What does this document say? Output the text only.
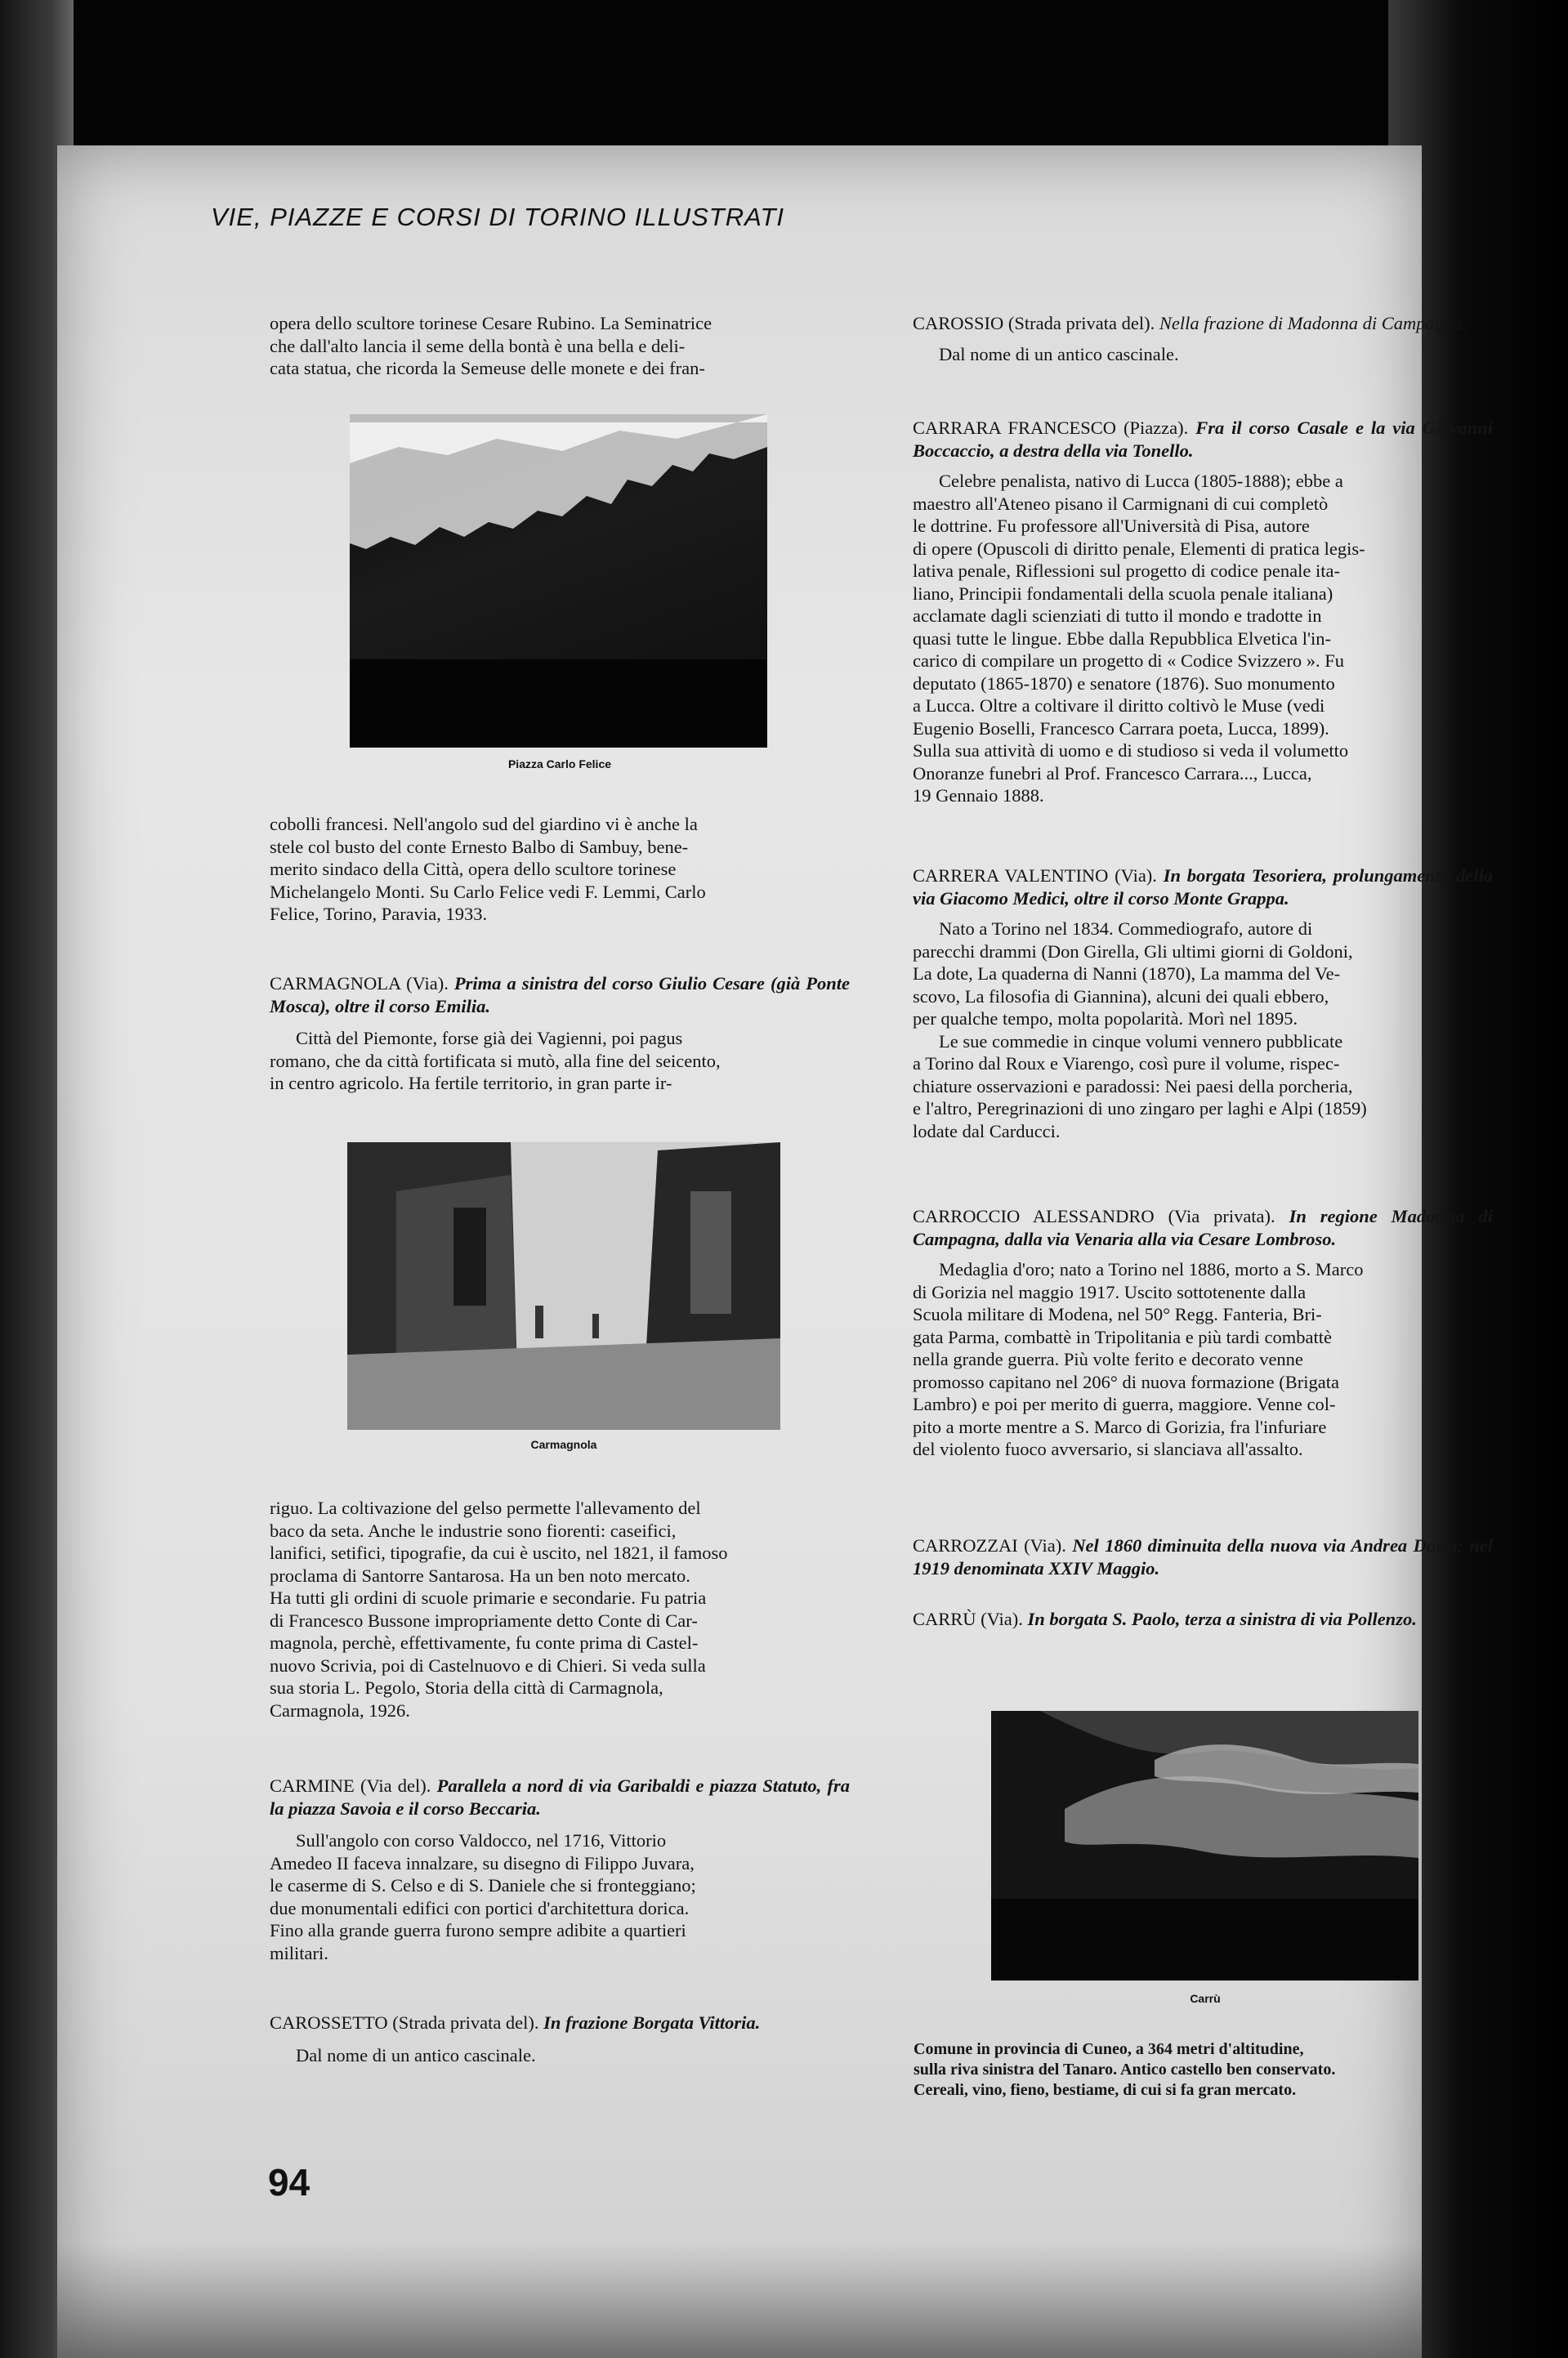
VIE, PIAZZE E CORSI DI TORINO ILLUSTRATI

opera dello scultore torinese Cesare Rubino. La Seminatrice

che dall'alto lancia il seme della bontà è una bella e deli-

cata statua, che ricorda la Semeuse delle monete e dei fran-

Piazza Carlo Felice

cobolli francesi. Nell'angolo sud del giardino vi è anche la

stele col busto del conte Ernesto Balbo di Sambuy, bene-

merito sindaco della Città, opera dello scultore torinese

Michelangelo Monti. Su Carlo Felice vedi F. Lemmi, Carlo

Felice, Torino, Paravia, 1933.

CARMAGNOLA (Via). Prima a sinistra del corso Giulio Cesare (già Ponte Mosca), oltre il corso Emilia.

Città del Piemonte, forse già dei Vagienni, poi pagus

romano, che da città fortificata si mutò, alla fine del seicento,

in centro agricolo. Ha fertile territorio, in gran parte ir-

Carmagnola

riguo. La coltivazione del gelso permette l'allevamento del

baco da seta. Anche le industrie sono fiorenti: caseifici,

lanifici, setifici, tipografie, da cui è uscito, nel 1821, il famoso

proclama di Santorre Santarosa. Ha un ben noto mercato.

Ha tutti gli ordini di scuole primarie e secondarie. Fu patria

di Francesco Bussone impropriamente detto Conte di Car-

magnola, perchè, effettivamente, fu conte prima di Castel-

nuovo Scrivia, poi di Castelnuovo e di Chieri. Si veda sulla

sua storia L. Pegolo, Storia della città di Carmagnola,

Carmagnola, 1926.

CARMINE (Via del). Parallela a nord di via Garibaldi e piazza Statuto, fra la piazza Savoia e il corso Beccaria.

Sull'angolo con corso Valdocco, nel 1716, Vittorio

Amedeo II faceva innalzare, su disegno di Filippo Juvara,

le caserme di S. Celso e di S. Daniele che si fronteggiano;

due monumentali edifici con portici d'architettura dorica.

Fino alla grande guerra furono sempre adibite a quartieri

militari.

CAROSSETTO (Strada privata del). In frazione Borgata Vittoria.

Dal nome di un antico cascinale.

94

CAROSSIO (Strada privata del). Nella frazione di Madonna di Campagna.

Dal nome di un antico cascinale.

CARRARA FRANCESCO (Piazza). Fra il corso Casale e la via Giovanni Boccaccio, a destra della via Tonello.

Celebre penalista, nativo di Lucca (1805-1888); ebbe a

maestro all'Ateneo pisano il Carmignani di cui completò

le dottrine. Fu professore all'Università di Pisa, autore

di opere (Opuscoli di diritto penale, Elementi di pratica legis-

lativa penale, Riflessioni sul progetto di codice penale ita-

liano, Principii fondamentali della scuola penale italiana)

acclamate dagli scienziati di tutto il mondo e tradotte in

quasi tutte le lingue. Ebbe dalla Repubblica Elvetica l'in-

carico di compilare un progetto di « Codice Svizzero ». Fu

deputato (1865-1870) e senatore (1876). Suo monumento

a Lucca. Oltre a coltivare il diritto coltivò le Muse (vedi

Eugenio Boselli, Francesco Carrara poeta, Lucca, 1899).

Sulla sua attività di uomo e di studioso si veda il volumetto

Onoranze funebri al Prof. Francesco Carrara..., Lucca,

19 Gennaio 1888.

CARRERA VALENTINO (Via). In borgata Tesoriera, prolungamento della via Giacomo Medici, oltre il corso Monte Grappa.

Nato a Torino nel 1834. Commediografo, autore di

parecchi drammi (Don Girella, Gli ultimi giorni di Goldoni,

La dote, La quaderna di Nanni (1870), La mamma del Ve-

scovo, La filosofia di Giannina), alcuni dei quali ebbero,

per qualche tempo, molta popolarità. Morì nel 1895.

Le sue commedie in cinque volumi vennero pubblicate

a Torino dal Roux e Viarengo, così pure il volume, rispec-

chiature osservazioni e paradossi: Nei paesi della porcheria,

e l'altro, Peregrinazioni di uno zingaro per laghi e Alpi (1859)

lodate dal Carducci.

CARROCCIO ALESSANDRO (Via privata). In regione Madonna di Campagna, dalla via Venaria alla via Cesare Lombroso.

Medaglia d'oro; nato a Torino nel 1886, morto a S. Marco

di Gorizia nel maggio 1917. Uscito sottotenente dalla

Scuola militare di Modena, nel 50° Regg. Fanteria, Bri-

gata Parma, combattè in Tripolitania e più tardi combattè

nella grande guerra. Più volte ferito e decorato venne

promosso capitano nel 206° di nuova formazione (Brigata

Lambro) e poi per merito di guerra, maggiore. Venne col-

pito a morte mentre a S. Marco di Gorizia, fra l'infuriare

del violento fuoco avversario, si slanciava all'assalto.

CARROZZAI (Via). Nel 1860 diminuita della nuova via Andrea Doria; nel 1919 denominata XXIV Maggio.

CARRÙ (Via). In borgata S. Paolo, terza a sinistra di via Pollenzo.

Carrù

Comune in provincia di Cuneo, a 364 metri d'altitudine,

sulla riva sinistra del Tanaro. Antico castello ben conservato.

Cereali, vino, fieno, bestiame, di cui si fa gran mercato.
